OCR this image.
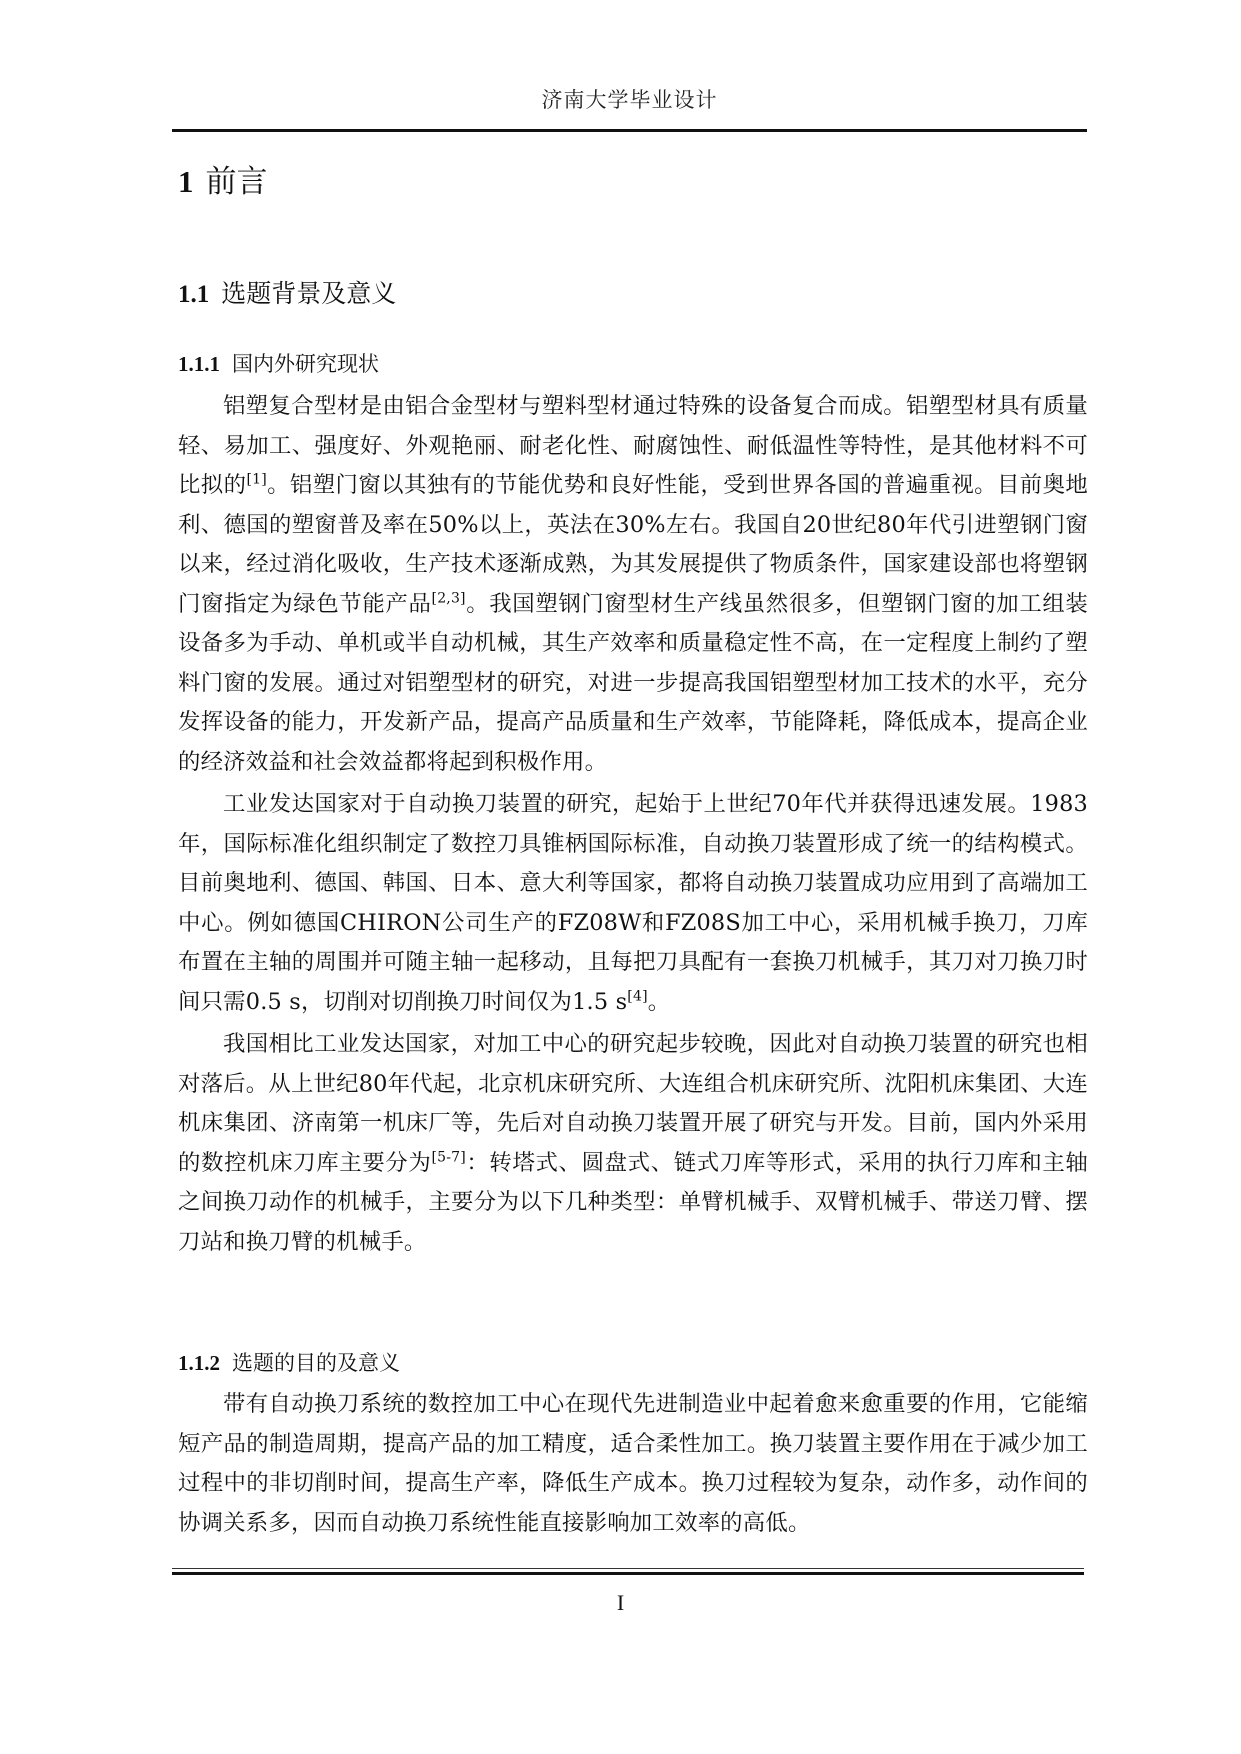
济南大学毕业设计
1 前言
1.1 选题背景及意义
1.1.1 国内外研究现状

铝塑复合型材是由铝合金型材与塑料型材通过特殊的设备复合而成。铝塑型材具有质量轻、易加工、强度好、外观艳丽、耐老化性、耐腐蚀性、耐低温性等特性，是其他材料不可比拟的[1]。铝塑门窗以其独有的节能优势和良好性能，受到世界各国的普遍重视。目前奥地利、德国的塑窗普及率在50%以上，英法在30%左右。我国自20世纪80年代引进塑钢门窗以来，经过消化吸收，生产技术逐渐成熟，为其发展提供了物质条件，国家建设部也将塑钢门窗指定为绿色节能产品[2,3]。我国塑钢门窗型材生产线虽然很多，但塑钢门窗的加工组装设备多为手动、单机或半自动机械，其生产效率和质量稳定性不高，在一定程度上制约了塑料门窗的发展。通过对铝塑型材的研究，对进一步提高我国铝塑型材加工技术的水平，充分发挥设备的能力，开发新产品，提高产品质量和生产效率，节能降耗，降低成本，提高企业的经济效益和社会效益都将起到积极作用。

工业发达国家对于自动换刀装置的研究，起始于上世纪70年代并获得迅速发展。1983年，国际标准化组织制定了数控刀具锥柄国际标准，自动换刀装置形成了统一的结构模式。目前奥地利、德国、韩国、日本、意大利等国家，都将自动换刀装置成功应用到了高端加工中心。例如德国CHIRON公司生产的FZ08W和FZ08S加工中心，采用机械手换刀，刀库布置在主轴的周围并可随主轴一起移动，且每把刀具配有一套换刀机械手，其刀对刀换刀时间只需0.5 s，切削对切削换刀时间仅为1.5 s[4]。

我国相比工业发达国家，对加工中心的研究起步较晚，因此对自动换刀装置的研究也相对落后。从上世纪80年代起，北京机床研究所、大连组合机床研究所、沈阳机床集团、大连机床集团、济南第一机床厂等，先后对自动换刀装置开展了研究与开发。目前，国内外采用的数控机床刀库主要分为[5-7]：转塔式、圆盘式、链式刀库等形式，采用的执行刀库和主轴之间换刀动作的机械手，主要分为以下几种类型：单臂机械手、双臂机械手、带送刀臂、摆刀站和换刀臂的机械手。

1.1.2 选题的目的及意义

带有自动换刀系统的数控加工中心在现代先进制造业中起着愈来愈重要的作用，它能缩短产品的制造周期，提高产品的加工精度，适合柔性加工。换刀装置主要作用在于减少加工过程中的非切削时间，提高生产率，降低生产成本。换刀过程较为复杂，动作多，动作间的协调关系多，因而自动换刀系统性能直接影响加工效率的高低。

I
